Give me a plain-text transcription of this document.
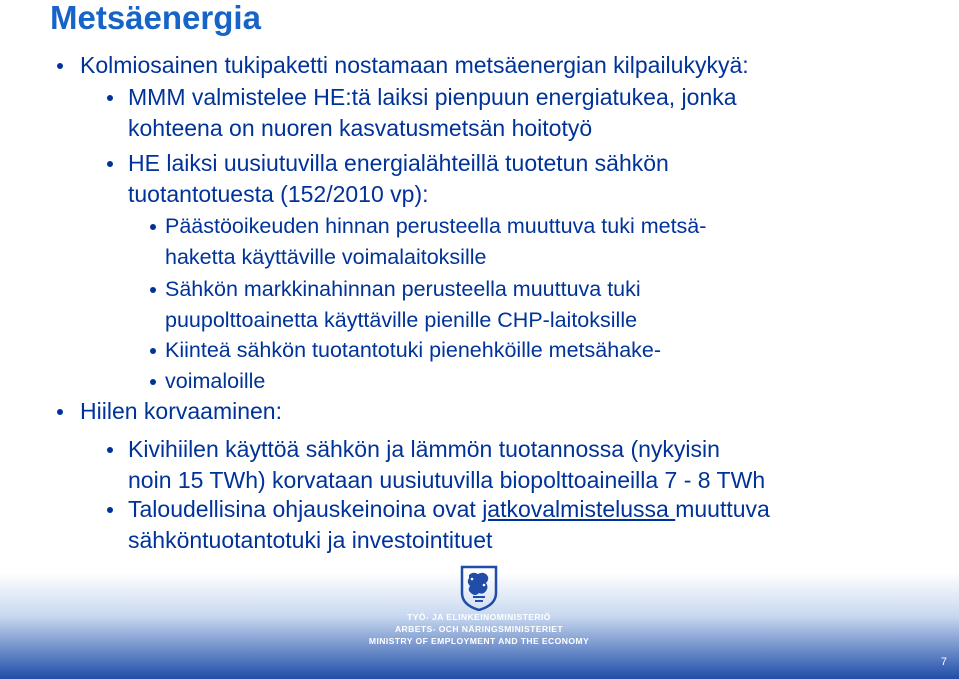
Metsäenergia
Kolmiosainen tukipaketti nostamaan metsäenergian kilpailukykyä:
MMM valmistelee HE:tä laiksi pienpuun energiatukea, jonka
kohteena on nuoren kasvatusmetsän hoitotyö
HE laiksi uusiutuvilla energialähteillä tuotetun sähkön
tuotantotuesta (152/2010 vp):
Päästöoikeuden hinnan perusteella muuttuva tuki metsä-
haketta käyttäville voimalaitoksille
Sähkön markkinahinnan perusteella muuttuva tuki
puupolttoainetta käyttäville pienille CHP-laitoksille
Kiinteä sähkön tuotantotuki pienehköille metsähake-
voimaloille
Hiilen korvaaminen:
Kivihiilen käyttöä sähkön ja lämmön tuotannossa (nykyisin
noin 15 TWh) korvataan uusiutuvilla biopolttoaineilla 7 - 8 TWh
Taloudellisina ohjauskeinoina ovat jatkovalmistelussa muuttuva
sähköntuotantotuki ja investointituet
TYÖ- JA ELINKEINOMINISTERIÖ
ARBETS- OCH NÄRINGSMINISTERIET
MINISTRY OF EMPLOYMENT AND THE ECONOMY
7
